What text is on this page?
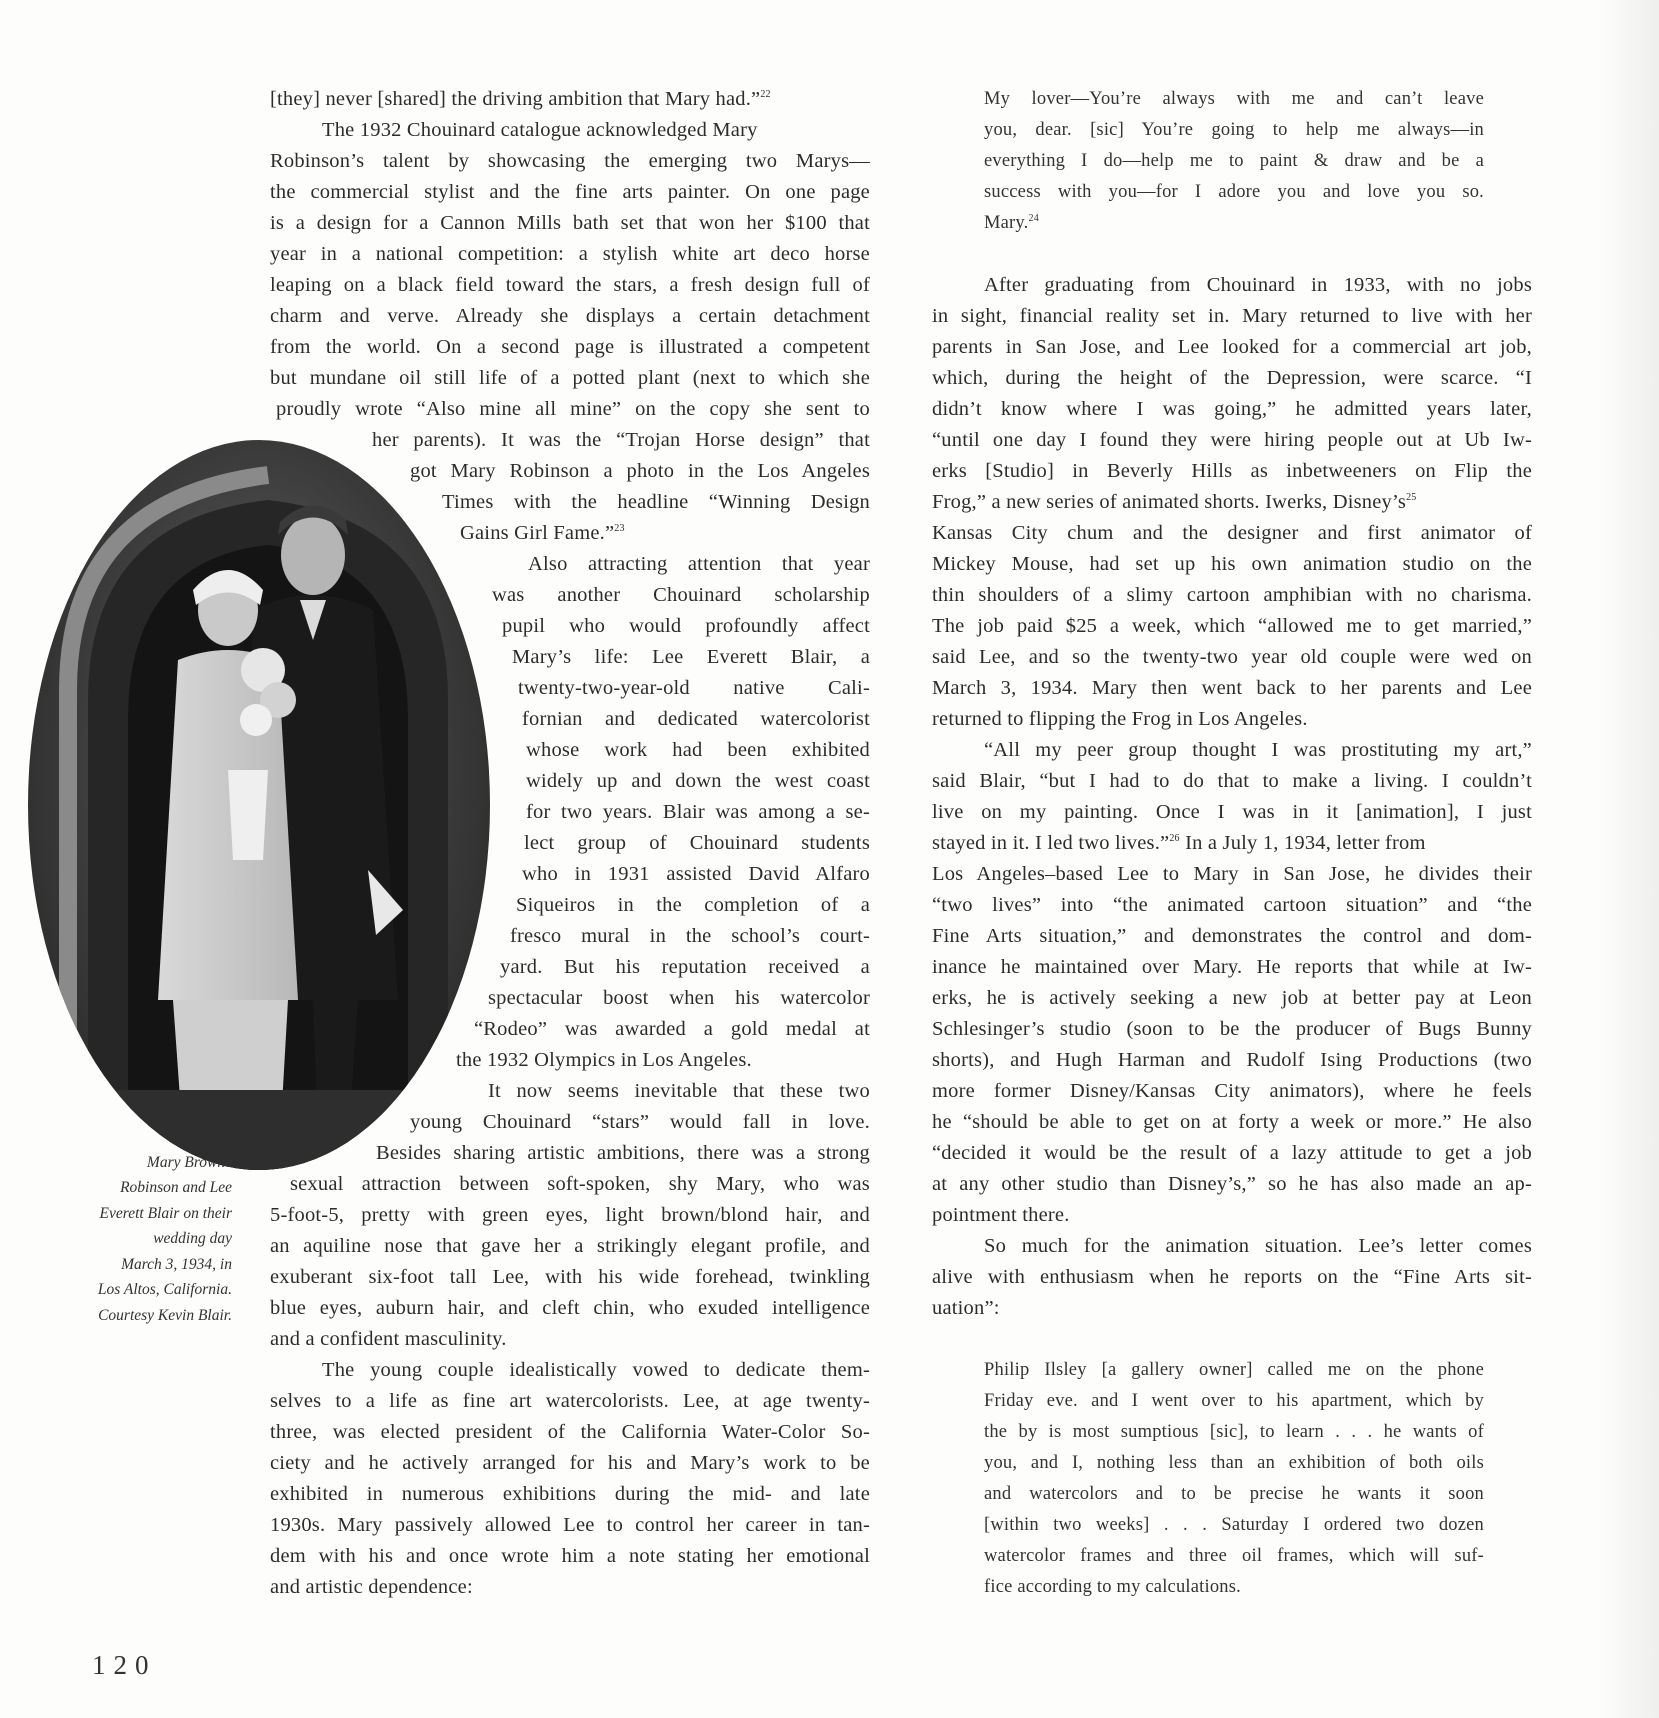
Mary Browne
Robinson and Lee
Everett Blair on their
wedding day
March 3, 1934, in
Los Altos, California.
Courtesy Kevin Blair.
120
[they] never [shared] the driving ambition that Mary had.”$^{22}$
The 1932 Chouinard catalogue acknowledged Mary
Robinson’s talent by showcasing the emerging two Marys—
the commercial stylist and the fine arts painter. On one page
is a design for a Cannon Mills bath set that won her $100 that
year in a national competition: a stylish white art deco horse
leaping on a black field toward the stars, a fresh design full of
charm and verve. Already she displays a certain detachment
from the world. On a second page is illustrated a competent
but mundane oil still life of a potted plant (next to which she
proudly wrote “Also mine all mine” on the copy she sent to
her parents). It was the “Trojan Horse design” that
got Mary Robinson a photo in the Los Angeles
Times with the headline “Winning Design
Gains Girl Fame.”$^{23}$
Also attracting attention that year
was another Chouinard scholarship
pupil who would profoundly affect
Mary’s life: Lee Everett Blair, a
twenty-two-year-old native Cali-
fornian and dedicated watercolorist
whose work had been exhibited
widely up and down the west coast
for two years. Blair was among a se-
lect group of Chouinard students
who in 1931 assisted David Alfaro
Siqueiros in the completion of a
fresco mural in the school’s court-
yard. But his reputation received a
spectacular boost when his watercolor
“Rodeo” was awarded a gold medal at
the 1932 Olympics in Los Angeles.
It now seems inevitable that these two
young Chouinard “stars” would fall in love.
Besides sharing artistic ambitions, there was a strong
sexual attraction between soft-spoken, shy Mary, who was
5-foot-5, pretty with green eyes, light brown/blond hair, and
an aquiline nose that gave her a strikingly elegant profile, and
exuberant six-foot tall Lee, with his wide forehead, twinkling
blue eyes, auburn hair, and cleft chin, who exuded intelligence
and a confident masculinity.
The young couple idealistically vowed to dedicate them-
selves to a life as fine art watercolorists. Lee, at age twenty-
three, was elected president of the California Water-Color So-
ciety and he actively arranged for his and Mary’s work to be
exhibited in numerous exhibitions during the mid- and late
1930s. Mary passively allowed Lee to control her career in tan-
dem with his and once wrote him a note stating her emotional
and artistic dependence:
My lover—You’re always with me and can’t leave
you, dear. [sic] You’re going to help me always—in
everything I do—help me to paint & draw and be a
success with you—for I adore you and love you so.
Mary.$^{24}$
After graduating from Chouinard in 1933, with no jobs
in sight, financial reality set in. Mary returned to live with her
parents in San Jose, and Lee looked for a commercial art job,
which, during the height of the Depression, were scarce. “I
didn’t know where I was going,” he admitted years later,
“until one day I found they were hiring people out at Ub Iw-
erks [Studio] in Beverly Hills as inbetweeners on Flip the
Frog,” a new series of animated shorts. Iwerks, $Disney’s^{25}$
Kansas City chum and the designer and first animator of
Mickey Mouse, had set up his own animation studio on the
thin shoulders of a slimy cartoon amphibian with no charisma.
The job paid $25 a week, which “allowed me to get married,”
said Lee, and so the twenty-two year old couple were wed on
March 3, 1934. Mary then went back to her parents and Lee
returned to flipping the Frog in Los Angeles.
“All my peer group thought I was prostituting my art,”
said Blair, “but I had to do that to make a living. I couldn’t
live on my painting. Once I was in it [animation], I just
stayed in it. I led two lives.”$^{26}$ In a July 1, 1934, letter from
Los Angeles–based Lee to Mary in San Jose, he divides their
“two lives” into “the animated cartoon situation” and “the
Fine Arts situation,” and demonstrates the control and dom-
inance he maintained over Mary. He reports that while at Iw-
erks, he is actively seeking a new job at better pay at Leon
Schlesinger’s studio (soon to be the producer of Bugs Bunny
shorts), and Hugh Harman and Rudolf Ising Productions (two
more former Disney/Kansas City animators), where he feels
he “should be able to get on at forty a week or more.” He also
“decided it would be the result of a lazy attitude to get a job
at any other studio than Disney’s,” so he has also made an ap-
pointment there.
So much for the animation situation. Lee’s letter comes
alive with enthusiasm when he reports on the “Fine Arts sit-
uation”:
Philip Ilsley [a gallery owner] called me on the phone
Friday eve. and I went over to his apartment, which by
the by is most sumptious [sic], to learn . . . he wants of
you, and I, nothing less than an exhibition of both oils
and watercolors and to be precise he wants it soon
[within two weeks] . . . Saturday I ordered two dozen
watercolor frames and three oil frames, which will suf-
fice according to my calculations.
